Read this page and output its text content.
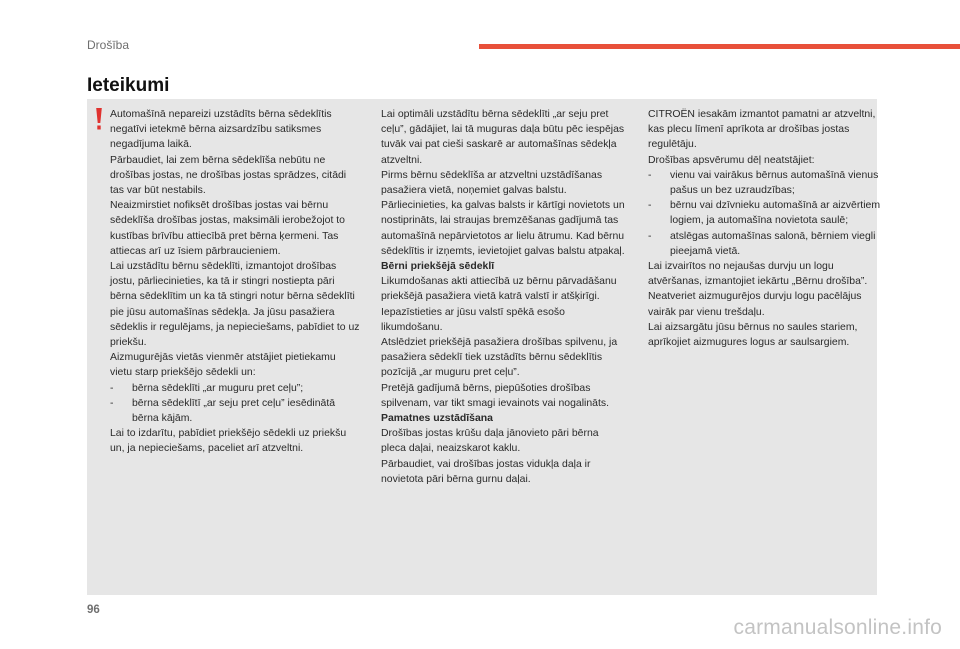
Drošība
Ieteikumi

Automašīnā nepareizi uzstādīts bērna sēdeklītis negatīvi ietekmē bērna aizsardzību satiksmes negadījuma laikā.

Pārbaudiet, lai zem bērna sēdeklīša nebūtu ne drošības jostas, ne drošības jostas sprādzes, citādi tas var būt nestabils.

Neaizmirstiet nofiksēt drošības jostas vai bērnu sēdeklīša drošības jostas, maksimāli ierobežojot to kustības brīvību attiecībā pret bērna ķermeni. Tas attiecas arī uz īsiem pārbraucieniem.

Lai uzstādītu bērnu sēdeklīti, izmantojot drošības jostu, pārliecinieties, ka tā ir stingri nostiepta pāri bērna sēdeklītim un ka tā stingri notur bērna sēdeklīti pie jūsu automašīnas sēdekļa. Ja jūsu pasažiera sēdeklis ir regulējams, ja nepieciešams, pabīdiet to uz priekšu.

Aizmugurējās vietās vienmēr atstājiet pietiekamu vietu starp priekšējo sēdekli un:

-	bērna sēdeklīti „ar muguru pret ceļu”;
-	bērna sēdeklītī „ar seju pret ceļu” iesēdinātā bērna kājām.

Lai to izdarītu, pabīdiet priekšējo sēdekli uz priekšu un, ja nepieciešams, paceliet arī atzveltni.

Lai optimāli uzstādītu bērna sēdeklīti „ar seju pret ceļu”, gādājiet, lai tā muguras daļa būtu pēc iespējas tuvāk vai pat cieši saskarē ar automašīnas sēdekļa atzveltni.

Pirms bērnu sēdeklīša ar atzveltni uzstādīšanas pasažiera vietā, noņemiet galvas balstu.

Pārliecinieties, ka galvas balsts ir kārtīgi novietots un nostiprināts, lai straujas bremzēšanas gadījumā tas automašīnā nepārvietotos ar lielu ātrumu. Kad bērnu sēdeklītis ir izņemts, ievietojiet galvas balstu atpakaļ.

Bērni priekšējā sēdeklī

Likumdošanas akti attiecībā uz bērnu pārvadāšanu priekšējā pasažiera vietā katrā valstī ir atšķirīgi. Iepazīstieties ar jūsu valstī spēkā esošo likumdošanu.

Atslēdziet priekšējā pasažiera drošības spilvenu, ja pasažiera sēdeklī tiek uzstādīts bērnu sēdeklītis pozīcijā „ar muguru pret ceļu”.

Pretējā gadījumā bērns, piepūšoties drošības spilvenam, var tikt smagi ievainots vai nogalināts.

Pamatnes uzstādīšana

Drošības jostas krūšu daļa jānovieto pāri bērna pleca daļai, neaizskarot kaklu.

Pārbaudiet, vai drošības jostas vidukļa daļa ir novietota pāri bērna gurnu daļai.

CITROËN iesakām izmantot pamatni ar atzveltni, kas plecu līmenī aprīkota ar drošības jostas regulētāju.

Drošības apsvērumu dēļ neatstājiet:

-	vienu vai vairākus bērnus automašīnā vienus pašus un bez uzraudzības;
-	bērnu vai dzīvnieku automašīnā ar aizvērtiem logiem, ja automašīna novietota saulē;
-	atslēgas automašīnas salonā, bērniem viegli pieejamā vietā.

Lai izvairītos no nejaušas durvju un logu atvēršanas, izmantojiet iekārtu „Bērnu drošība”.

Neatveriet aizmugurējos durvju logu pacēlājus vairāk par vienu trešdaļu.

Lai aizsargātu jūsu bērnus no saules stariem, aprīkojiet aizmugures logus ar saulsargiem.

96
carmanualsonline.info
